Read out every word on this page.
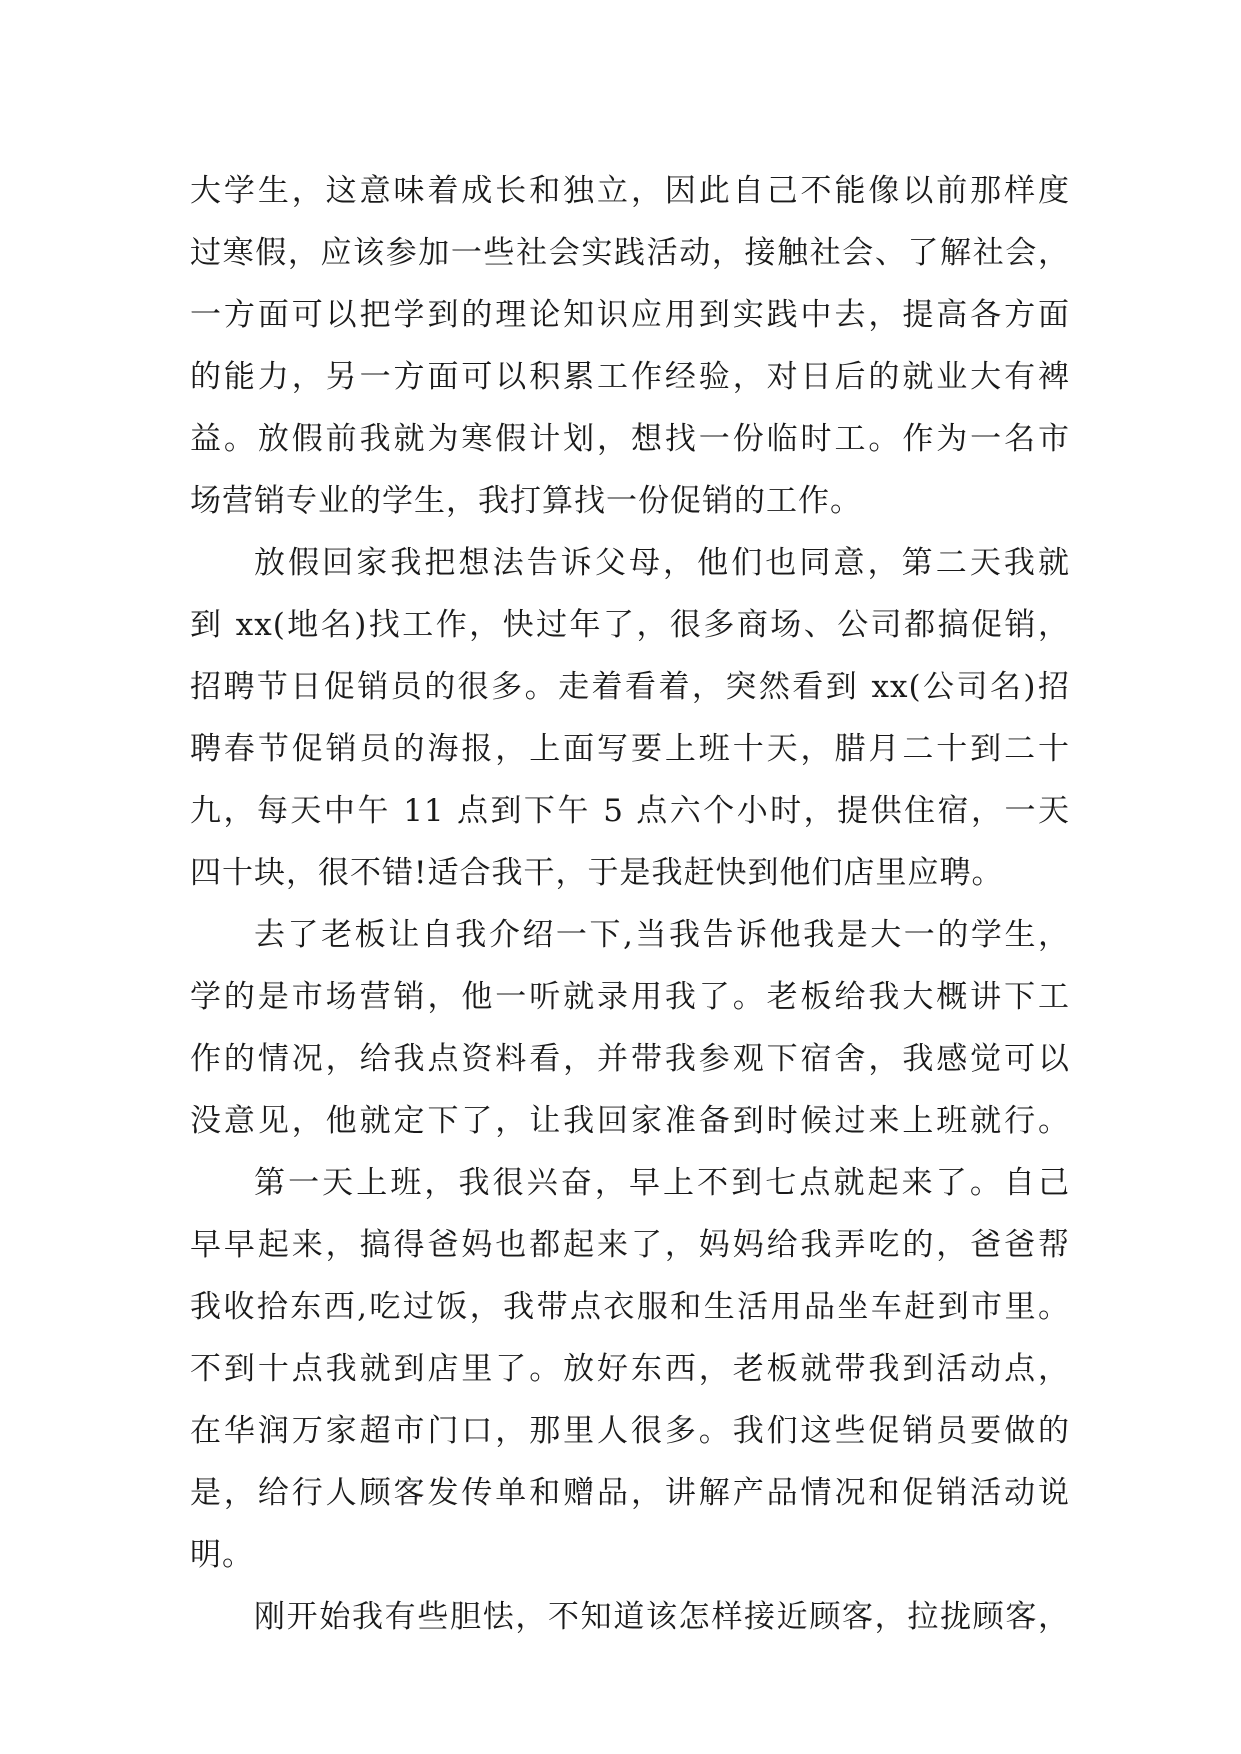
大学生，这意味着成长和独立，因此自己不能像以前那样度
过寒假，应该参加一些社会实践活动，接触社会、了解社会，
一方面可以把学到的理论知识应用到实践中去，提高各方面
的能力，另一方面可以积累工作经验，对日后的就业大有裨
益。放假前我就为寒假计划，想找一份临时工。作为一名市
场营销专业的学生，我打算找一份促销的工作。
放假回家我把想法告诉父母，他们也同意，第二天我就
到 xx(地名)找工作，快过年了，很多商场、公司都搞促销，
招聘节日促销员的很多。走着看着，突然看到 xx(公司名)招
聘春节促销员的海报，上面写要上班十天，腊月二十到二十
九，每天中午 11 点到下午 5 点六个小时，提供住宿，一天
四十块，很不错!适合我干，于是我赶快到他们店里应聘。
去了老板让自我介绍一下,当我告诉他我是大一的学生，
学的是市场营销，他一听就录用我了。老板给我大概讲下工
作的情况，给我点资料看，并带我参观下宿舍，我感觉可以
没意见，他就定下了，让我回家准备到时候过来上班就行。
第一天上班，我很兴奋，早上不到七点就起来了。自己
早早起来，搞得爸妈也都起来了，妈妈给我弄吃的，爸爸帮
我收拾东西,吃过饭，我带点衣服和生活用品坐车赶到市里。
不到十点我就到店里了。放好东西，老板就带我到活动点，
在华润万家超市门口，那里人很多。我们这些促销员要做的
是，给行人顾客发传单和赠品，讲解产品情况和促销活动说
明。
刚开始我有些胆怯，不知道该怎样接近顾客，拉拢顾客，
